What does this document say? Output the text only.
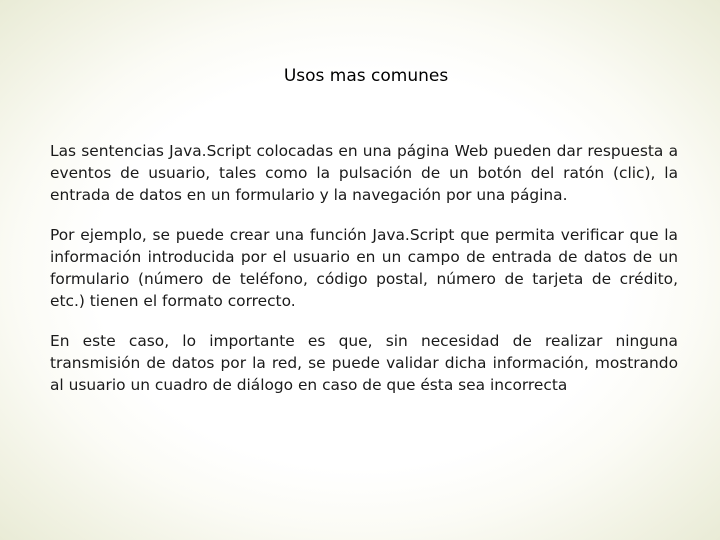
Usos mas comunes

Las sentencias Java.Script colocadas en una página Web pueden dar respuesta a eventos de usuario, tales como la pulsación de un botón del ratón (clic), la entrada de datos en un formulario y la navegación por una página.

Por ejemplo, se puede crear una función Java.Script que permita verificar que la información introducida por el usuario en un campo de entrada de datos de un formulario (número de teléfono, código postal, número de tarjeta de crédito, etc.) tienen el formato correcto.

En este caso, lo importante es que, sin necesidad de realizar ninguna transmisión de datos por la red, se puede validar dicha información, mostrando al usuario un cuadro de diálogo en caso de que ésta sea incorrecta
